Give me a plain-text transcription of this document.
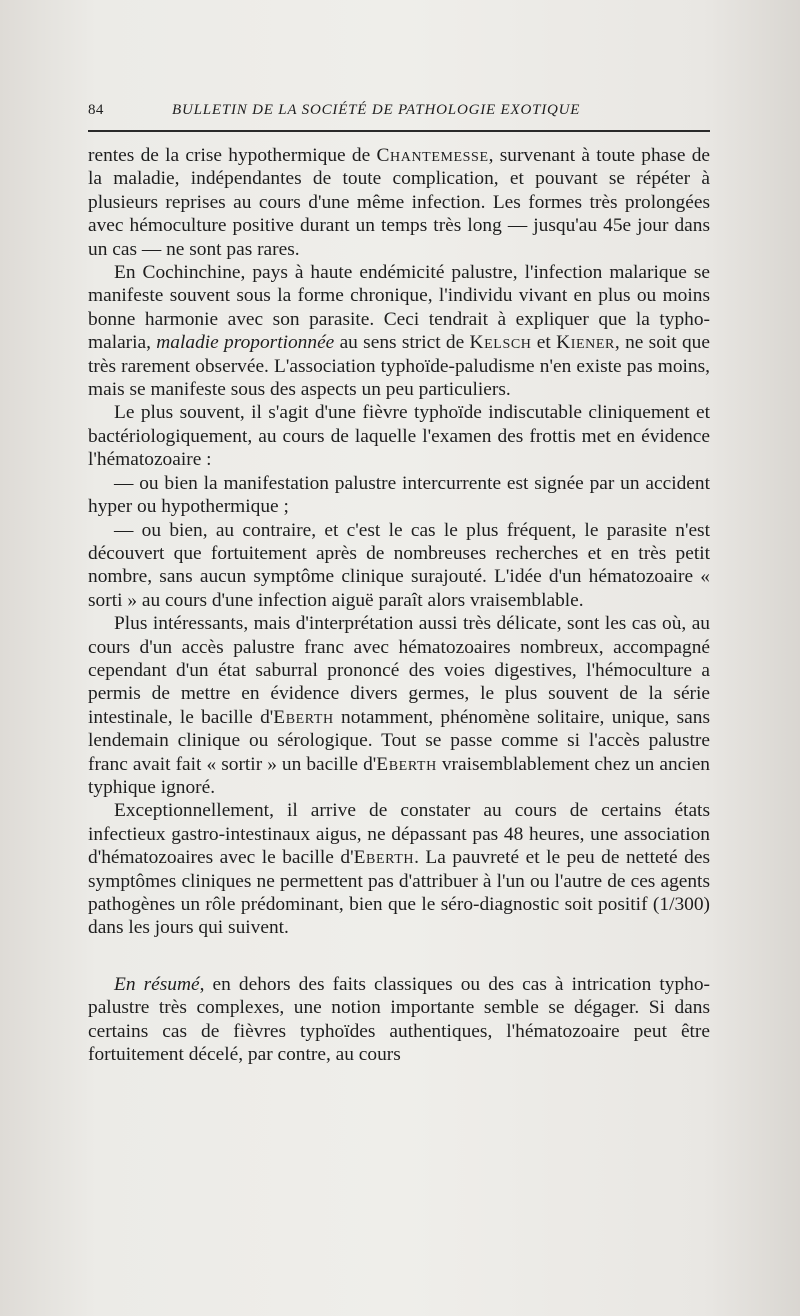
84	BULLETIN DE LA SOCIÉTÉ DE PATHOLOGIE EXOTIQUE

rentes de la crise hypothermique de Chantemesse, survenant à toute phase de la maladie, indépendantes de toute complication, et pouvant se répéter à plusieurs reprises au cours d'une même infection. Les formes très prolongées avec hémoculture positive durant un temps très long — jusqu'au 45e jour dans un cas — ne sont pas rares.

En Cochinchine, pays à haute endémicité palustre, l'infection malarique se manifeste souvent sous la forme chronique, l'individu vivant en plus ou moins bonne harmonie avec son parasite. Ceci tendrait à expliquer que la typho-malaria, maladie proportionnée au sens strict de Kelsch et Kiener, ne soit que très rarement observée. L'association typhoïde-paludisme n'en existe pas moins, mais se manifeste sous des aspects un peu particuliers.

Le plus souvent, il s'agit d'une fièvre typhoïde indiscutable cliniquement et bactériologiquement, au cours de laquelle l'examen des frottis met en évidence l'hématozoaire :

— ou bien la manifestation palustre intercurrente est signée par un accident hyper ou hypothermique ;

— ou bien, au contraire, et c'est le cas le plus fréquent, le parasite n'est découvert que fortuitement après de nombreuses recherches et en très petit nombre, sans aucun symptôme clinique surajouté. L'idée d'un hématozoaire « sorti » au cours d'une infection aiguë paraît alors vraisemblable.

Plus intéressants, mais d'interprétation aussi très délicate, sont les cas où, au cours d'un accès palustre franc avec hématozoaires nombreux, accompagné cependant d'un état saburral prononcé des voies digestives, l'hémoculture a permis de mettre en évidence divers germes, le plus souvent de la série intestinale, le bacille d'Eberth notamment, phénomène solitaire, unique, sans lendemain clinique ou sérologique. Tout se passe comme si l'accès palustre franc avait fait « sortir » un bacille d'Eberth vraisemblablement chez un ancien typhique ignoré.

Exceptionnellement, il arrive de constater au cours de certains états infectieux gastro-intestinaux aigus, ne dépassant pas 48 heures, une association d'hématozoaires avec le bacille d'Eberth. La pauvreté et le peu de netteté des symptômes cliniques ne permettent pas d'attribuer à l'un ou l'autre de ces agents pathogènes un rôle prédominant, bien que le séro-diagnostic soit positif (1/300) dans les jours qui suivent.

En résumé, en dehors des faits classiques ou des cas à intrication typho-palustre très complexes, une notion importante semble se dégager. Si dans certains cas de fièvres typhoïdes authentiques, l'hématozoaire peut être fortuitement décelé, par contre, au cours
